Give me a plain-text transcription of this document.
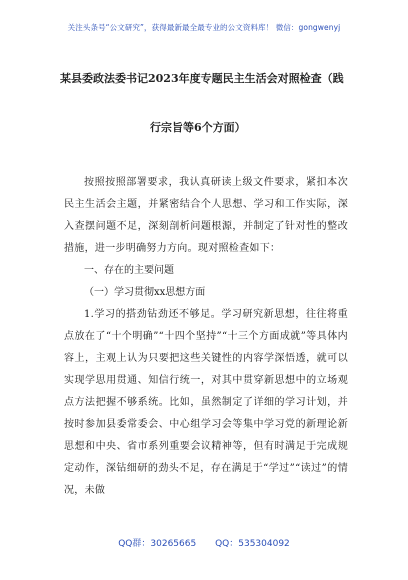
关注头条号“公文研究”，获得最新最全最专业的公文资料库！ 微信：gongwenyj
某县委政法委书记2023年度专题民主生活会对照检查（践
行宗旨等6个方面）

按照按照部署要求，我认真研读上级文件要求，紧扣本次民主生活会主题，并紧密结合个人思想、学习和工作实际，深入查摆问题不足，深刻剖析问题根源，并制定了针对性的整改措施，进一步明确努力方向。现对照检查如下：

一、存在的主要问题

（一）学习贯彻xx思想方面

1.学习的搭劲钻劲还不够足。学习研究新思想，往往将重点放在了“十个明确”“十四个坚持”“十三个方面成就”等具体内容上，主观上认为只要把这些关键性的内容学深悟透，就可以实现学思用贯通、知信行统一，对其中贯穿新思想中的立场观点方法把握不够系统。比如，虽然制定了详细的学习计划，并按时参加县委常委会、中心组学习会等集中学习党的新理论新思想和中央、省市系列重要会议精神等，但有时满足于完成规定动作，深钻细研的劲头不足，存在满足于“学过”“读过”的情况，未做

QQ群：30265665 QQ：535304092
